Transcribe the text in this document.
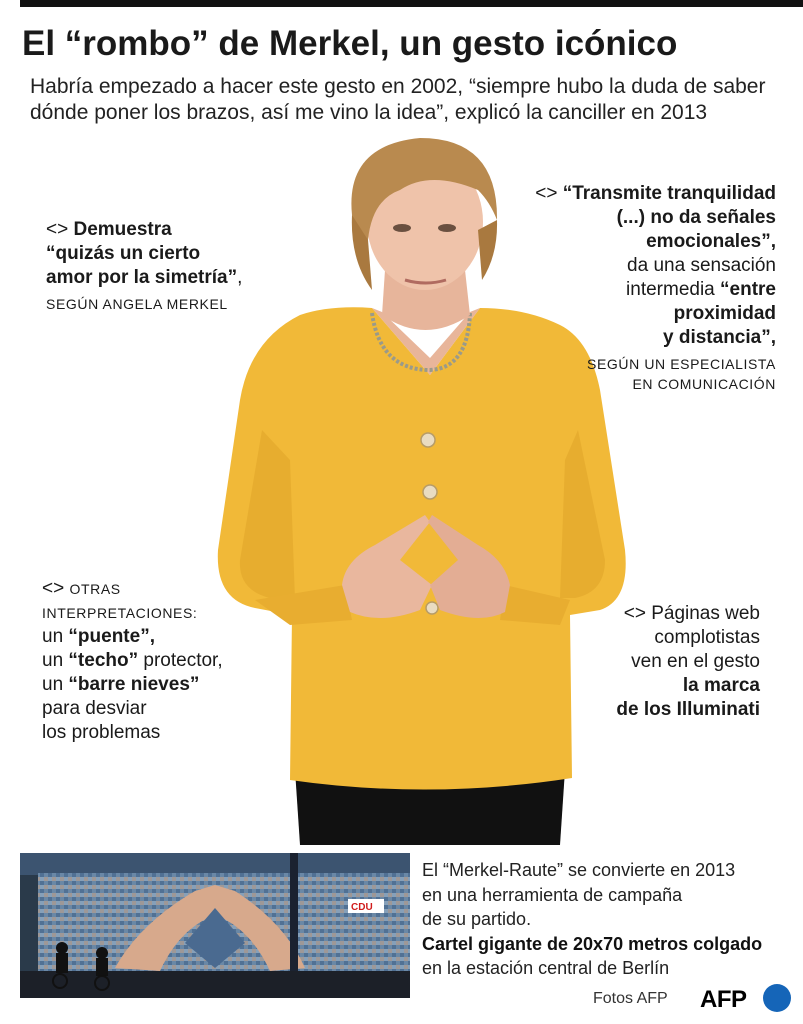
El “rombo” de Merkel, un gesto icónico
Habría empezado a hacer este gesto en 2002, “siempre hubo la duda de saber dónde poner los brazos, así me vino la idea”, explicó la canciller en 2013
<> Demuestra
“quizás un cierto
amor por la simetría”,
SEGÚN ANGELA MERKEL
<> “Transmite tranquilidad
(...) no da señales
emocionales”,
da una sensación
intermedia “entre
proximidad
y distancia”,
SEGÚN UN ESPECIALISTA
EN COMUNICACIÓN
<> OTRAS
INTERPRETACIONES:
un “puente”,
un “techo” protector,
un “barre nieves”
para desviar
los problemas
<> Páginas web
complotistas
ven en el gesto
la marca
de los Illuminati
CDU
El “Merkel-Raute” se convierte en 2013
en una herramienta de campaña
de su partido.
Cartel gigante de 20x70 metros colgado
en la estación central de Berlín
Fotos AFP AFP
